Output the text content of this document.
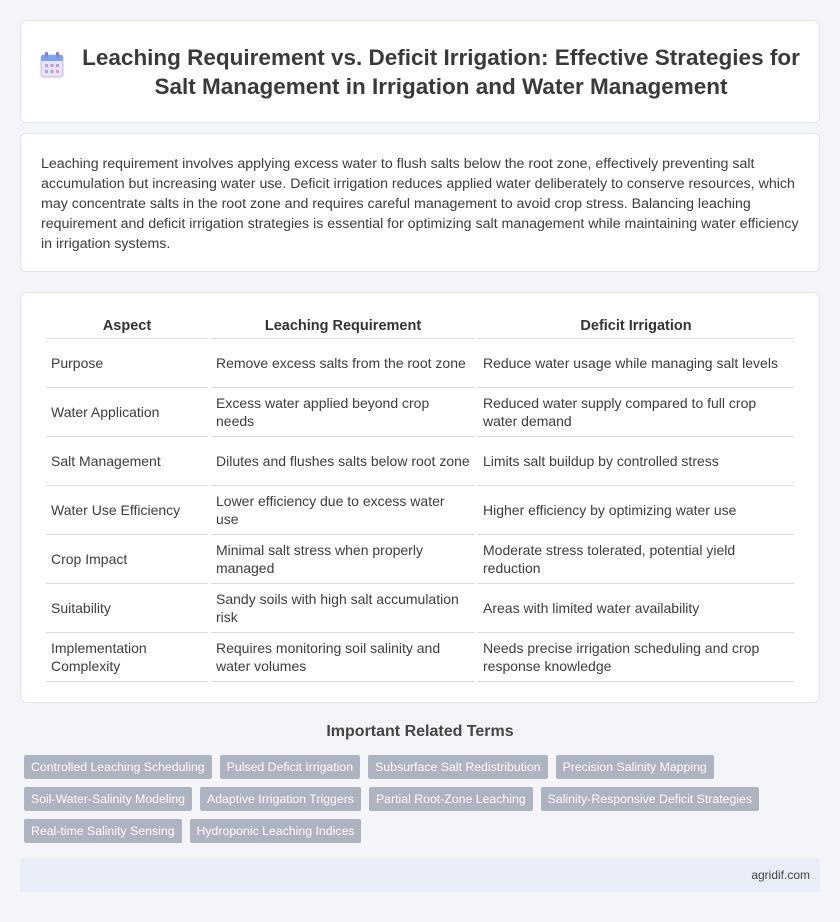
Leaching Requirement vs. Deficit Irrigation: Effective Strategies for Salt Management in Irrigation and Water Management

Leaching requirement involves applying excess water to flush salts below the root zone, effectively preventing salt accumulation but increasing water use. Deficit irrigation reduces applied water deliberately to conserve resources, which may concentrate salts in the root zone and requires careful management to avoid crop stress. Balancing leaching requirement and deficit irrigation strategies is essential for optimizing salt management while maintaining water efficiency in irrigation systems.

Aspect	Leaching Requirement	Deficit Irrigation
Purpose	Remove excess salts from the root zone	Reduce water usage while managing salt levels
Water Application	Excess water applied beyond crop needs	Reduced water supply compared to full crop water demand
Salt Management	Dilutes and flushes salts below root zone	Limits salt buildup by controlled stress
Water Use Efficiency	Lower efficiency due to excess water use	Higher efficiency by optimizing water use
Crop Impact	Minimal salt stress when properly managed	Moderate stress tolerated, potential yield reduction
Suitability	Sandy soils with high salt accumulation risk	Areas with limited water availability
Implementation Complexity	Requires monitoring soil salinity and water volumes	Needs precise irrigation scheduling and crop response knowledge
Important Related Terms
Controlled Leaching Scheduling	Pulsed Deficit Irrigation	Subsurface Salt Redistribution	Precision Salinity Mapping
Soil-Water-Salinity Modeling	Adaptive Irrigation Triggers	Partial Root-Zone Leaching	Salinity-Responsive Deficit Strategies
Real-time Salinity Sensing	Hydroponic Leaching Indices
agridif.com
